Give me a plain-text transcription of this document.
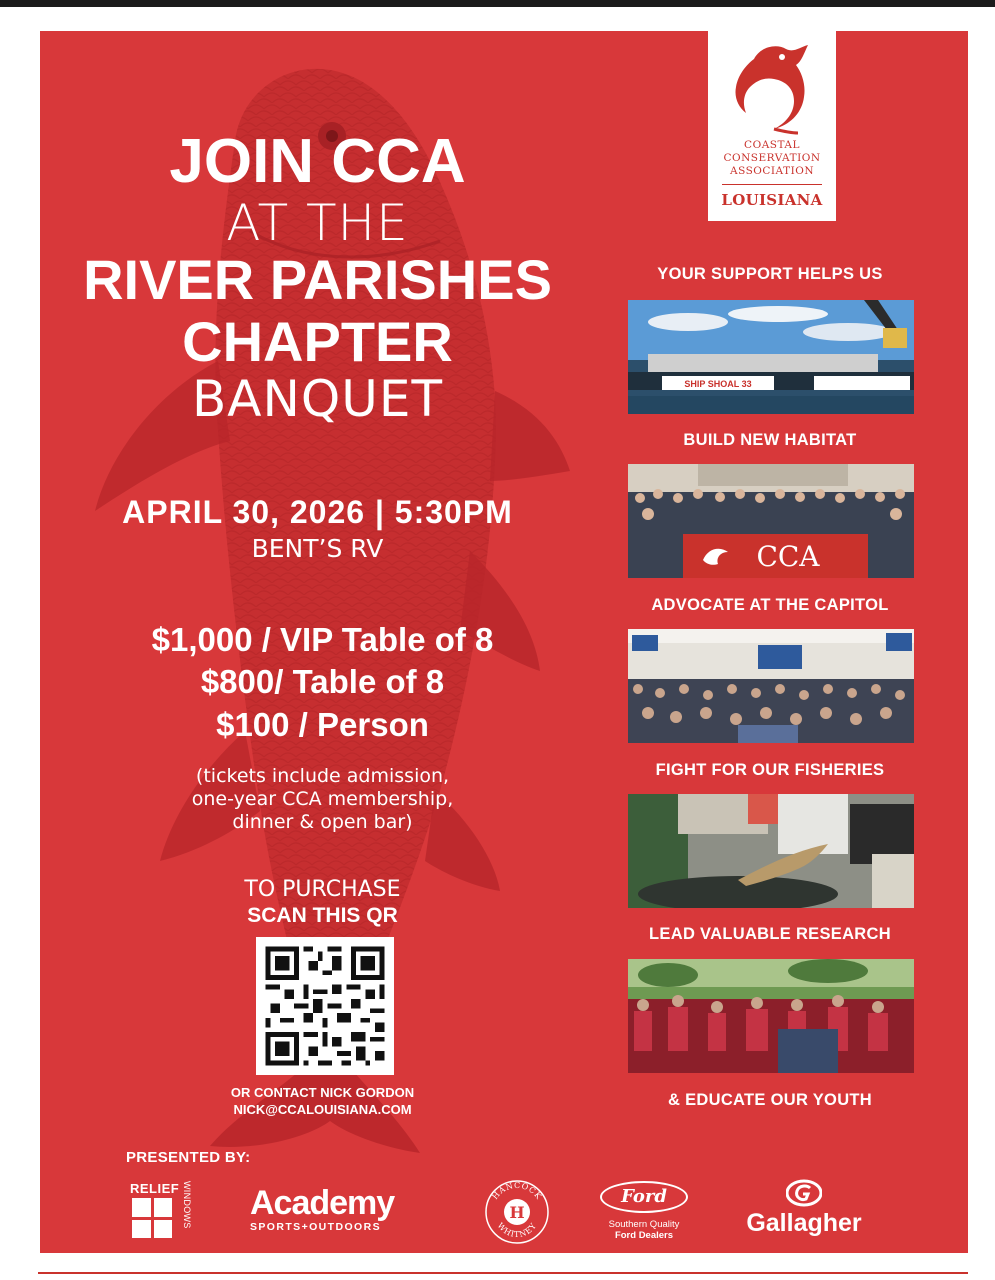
COASTAL
CONSERVATION
ASSOCIATION
LOUISIANA
JOIN CCA
AT THE
RIVER PARISHES
CHAPTER
BANQUET
APRIL 30, 2026 | 5:30PM
BENT’S RV
$1,000 / VIP Table of 8
$800/ Table of 8
$100 / Person
(tickets include admission,
one-year CCA membership,
dinner & open bar)
TO PURCHASE
SCAN THIS QR
OR CONTACT NICK GORDON
NICK@CCALOUISIANA.COM
YOUR SUPPORT HELPS US
SHIP SHOAL 33
BUILD NEW HABITAT
CCA
ADVOCATE AT THE CAPITOL
FIGHT FOR OUR FISHERIES
LEAD VALUABLE RESEARCH
& EDUCATE OUR YOUTH
PRESENTED BY:
RELIEF WINDOWS Academy
SPORTS+OUTDOORS
H
HANCOCK
WHITNEY
Ford
Southern Quality
Ford Dealers	Gallagher
